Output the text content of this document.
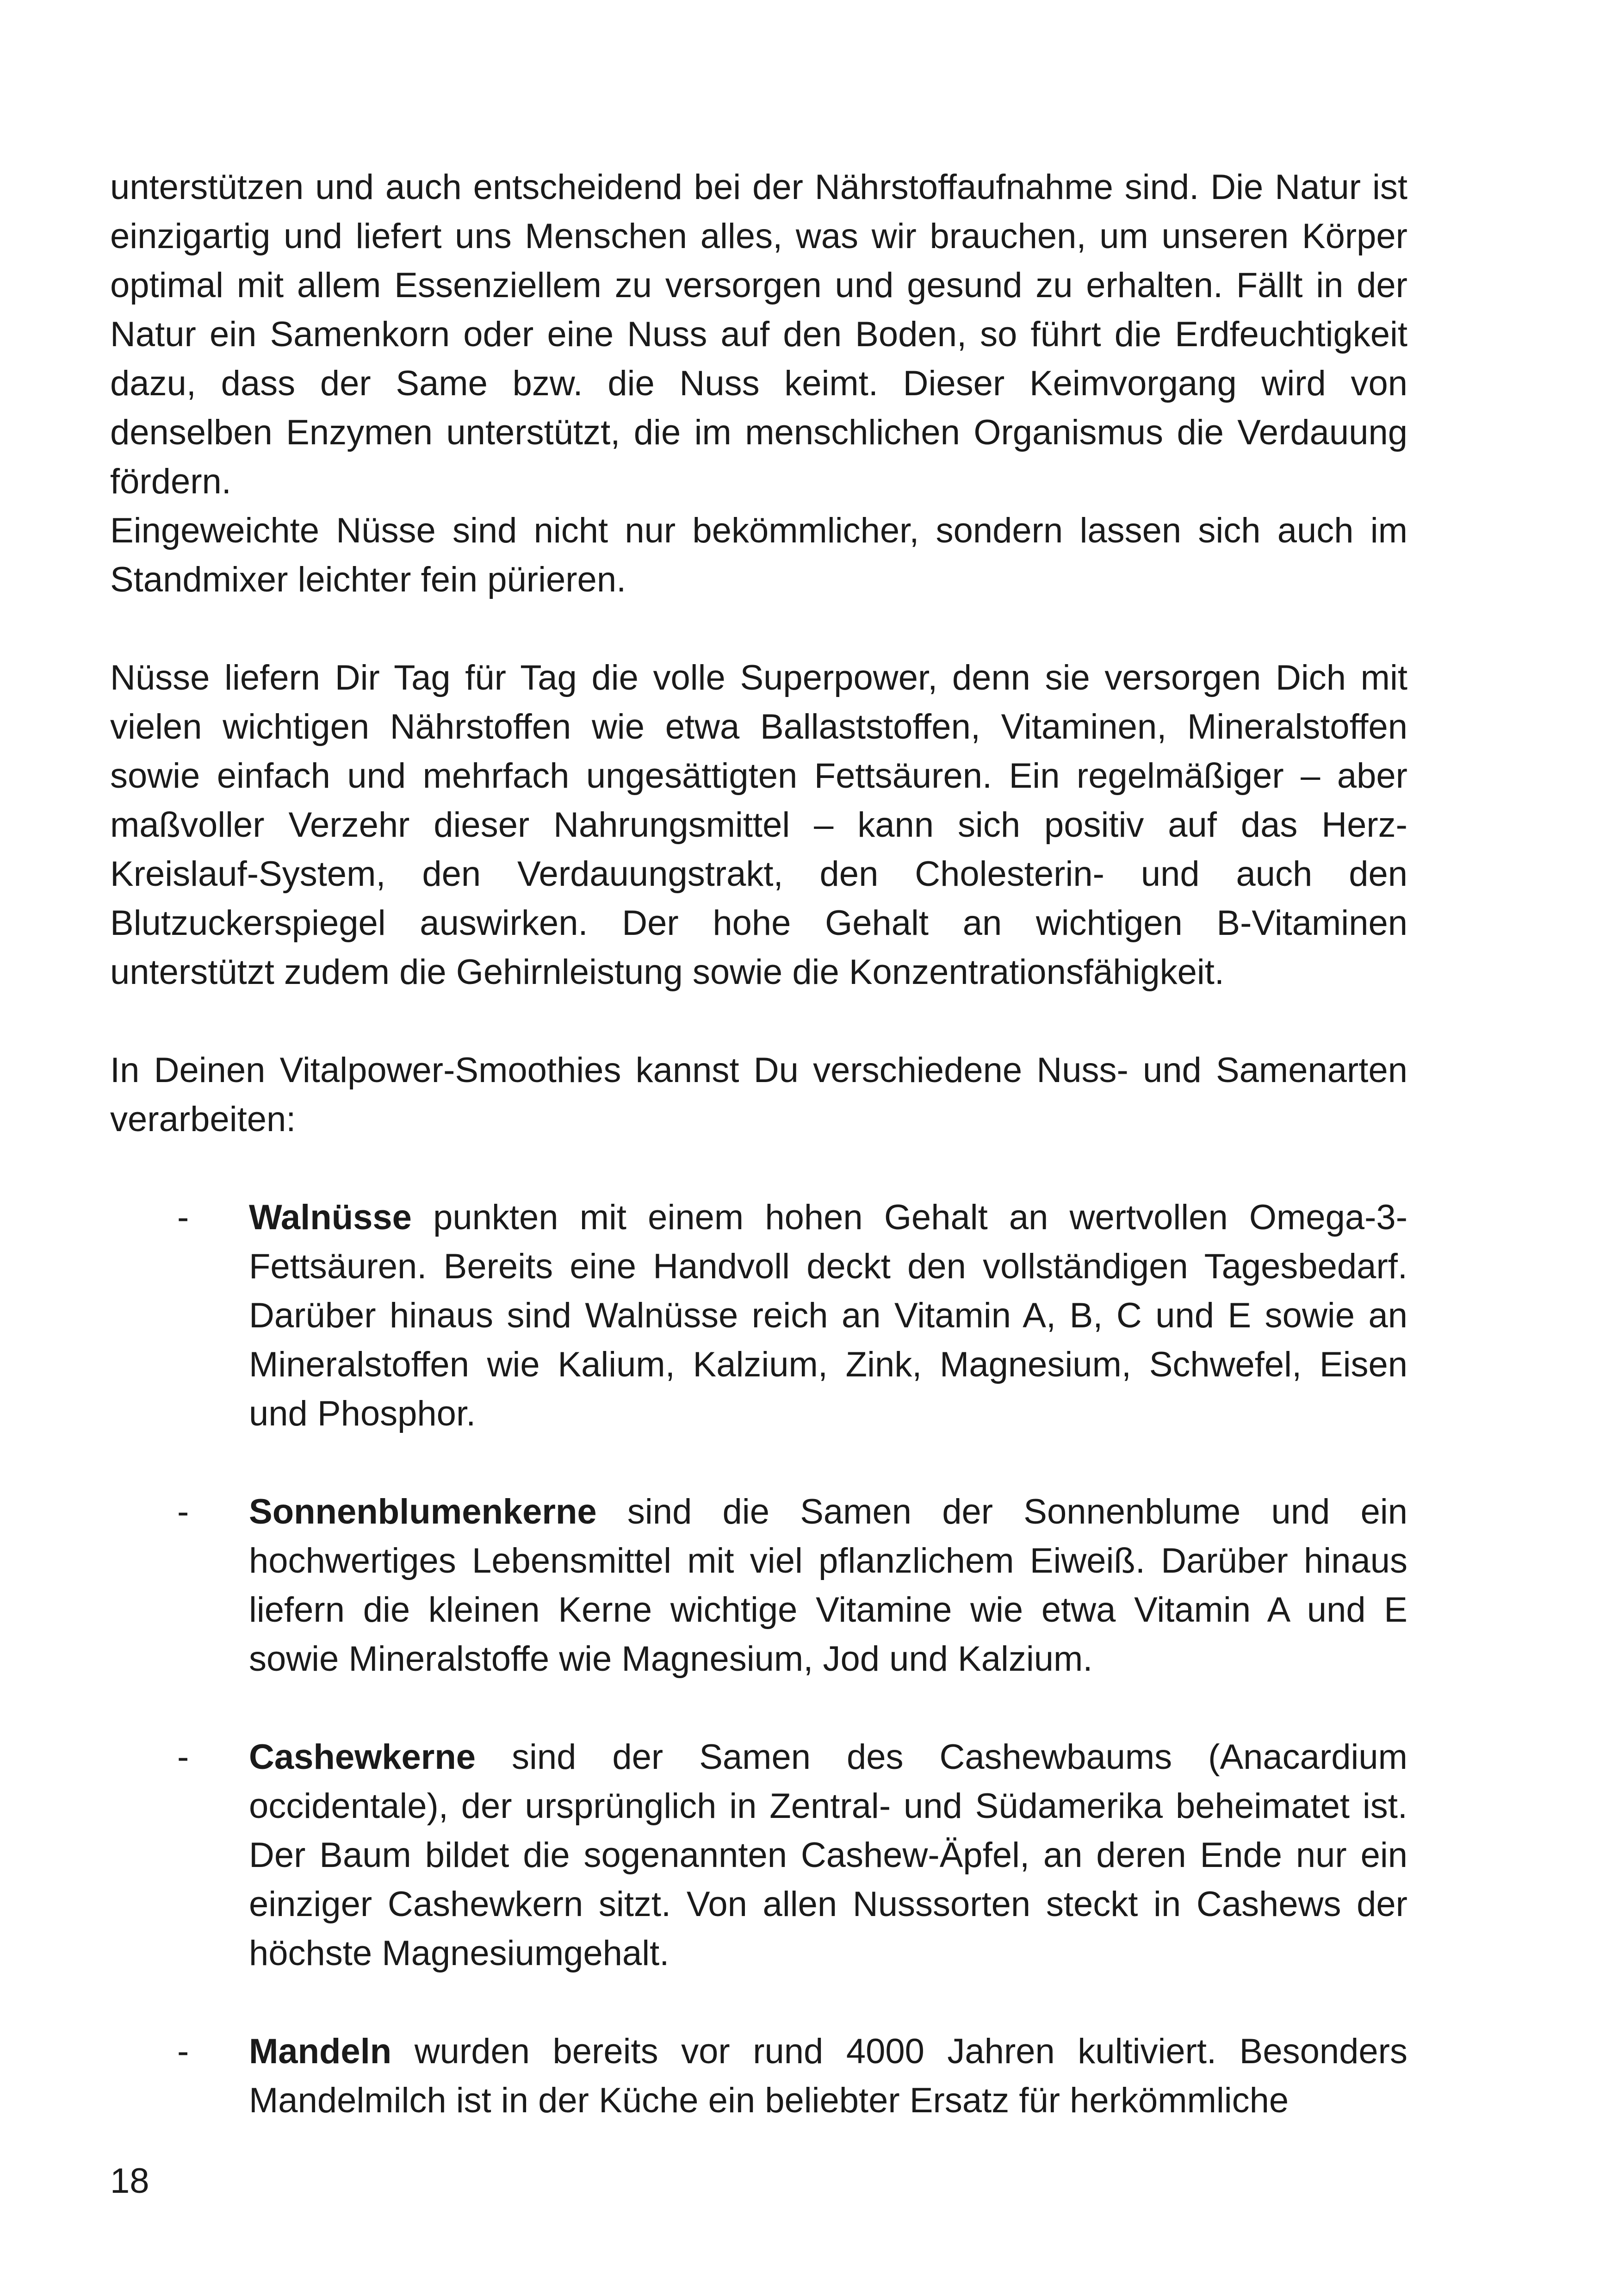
unterstützen und auch entscheidend bei der Nährstoffaufnahme sind. Die Natur ist einzigartig und liefert uns Menschen alles, was wir brauchen, um unseren Körper optimal mit allem Essenziellem zu versorgen und gesund zu erhalten. Fällt in der Natur ein Samenkorn oder eine Nuss auf den Boden, so führt die Erdfeuchtigkeit dazu, dass der Same bzw. die Nuss keimt. Dieser Keimvorgang wird von denselben Enzymen unterstützt, die im menschlichen Organismus die Verdauung fördern.

Eingeweichte Nüsse sind nicht nur bekömmlicher, sondern lassen sich auch im Standmixer leichter fein pürieren.

Nüsse liefern Dir Tag für Tag die volle Superpower, denn sie versorgen Dich mit vielen wichtigen Nährstoffen wie etwa Ballaststoffen, Vitaminen, Mineralstoffen sowie einfach und mehrfach ungesättigten Fettsäuren. Ein regelmäßiger – aber maßvoller Verzehr dieser Nahrungsmittel – kann sich positiv auf das Herz-Kreislauf-System, den Verdauungstrakt, den Cholesterin- und auch den Blutzuckerspiegel auswirken. Der hohe Gehalt an wichtigen B-Vitaminen unterstützt zudem die Gehirnleistung sowie die Konzentrationsfähigkeit.

In Deinen Vitalpower-Smoothies kannst Du verschiedene Nuss- und Samenarten verarbeiten:

- Walnüsse punkten mit einem hohen Gehalt an wertvollen Omega-3-Fettsäuren. Bereits eine Handvoll deckt den vollständigen Tagesbedarf. Darüber hinaus sind Walnüsse reich an Vitamin A, B, C und E sowie an Mineralstoffen wie Kalium, Kalzium, Zink, Magnesium, Schwefel, Eisen und Phosphor.
- Sonnenblumenkerne sind die Samen der Sonnenblume und ein hochwertiges Lebensmittel mit viel pflanzlichem Eiweiß. Darüber hinaus liefern die kleinen Kerne wichtige Vitamine wie etwa Vitamin A und E sowie Mineralstoffe wie Magnesium, Jod und Kalzium.
- Cashewkerne sind der Samen des Cashewbaums (Anacardium occidentale), der ursprünglich in Zentral- und Südamerika beheimatet ist. Der Baum bildet die sogenannten Cashew-Äpfel, an deren Ende nur ein einziger Cashewkern sitzt. Von allen Nusssorten steckt in Cashews der höchste Magnesiumgehalt.
- Mandeln wurden bereits vor rund 4000 Jahren kultiviert. Besonders Mandelmilch ist in der Küche ein beliebter Ersatz für herkömmliche
18
